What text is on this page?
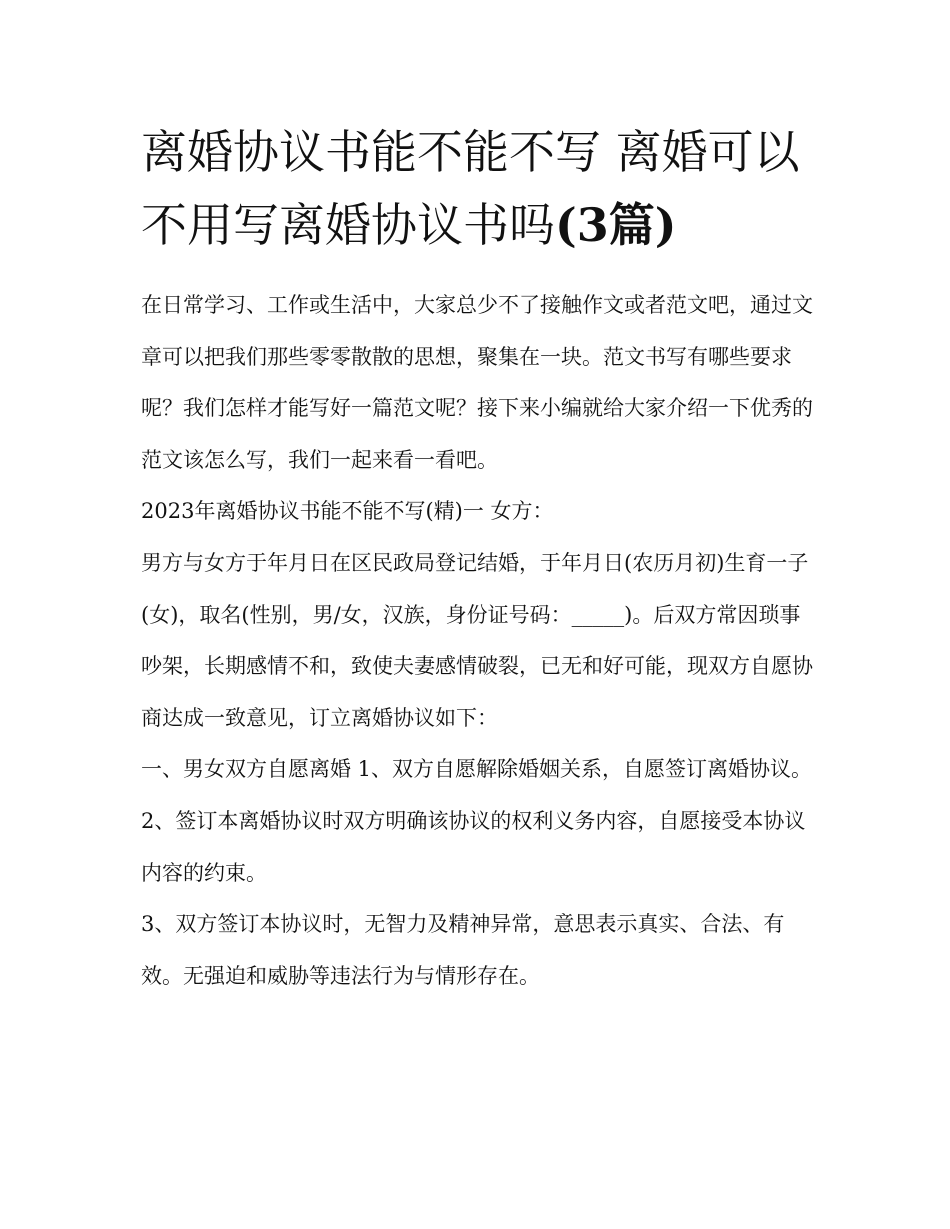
离婚协议书能不能不写 离婚可以不用写离婚协议书吗(3篇)

在日常学习、工作或生活中，大家总少不了接触作文或者范文吧，通过文章可以把我们那些零零散散的思想，聚集在一块。范文书写有哪些要求呢？我们怎样才能写好一篇范文呢？接下来小编就给大家介绍一下优秀的范文该怎么写，我们一起来看一看吧。

2023年离婚协议书能不能不写(精)一 女方：

男方与女方于年月日在区民政局登记结婚，于年月日(农历月初)生育一子(女)，取名(性别，男/女，汉族，身份证号码：_____)。后双方常因琐事吵架，长期感情不和，致使夫妻感情破裂，已无和好可能，现双方自愿协商达成一致意见，订立离婚协议如下：

一、男女双方自愿离婚 1、双方自愿解除婚姻关系，自愿签订离婚协议。 2、签订本离婚协议时双方明确该协议的权利义务内容，自愿接受本协议内容的约束。

3、双方签订本协议时，无智力及精神异常，意思表示真实、合法、有效。无强迫和威胁等违法行为与情形存在。
